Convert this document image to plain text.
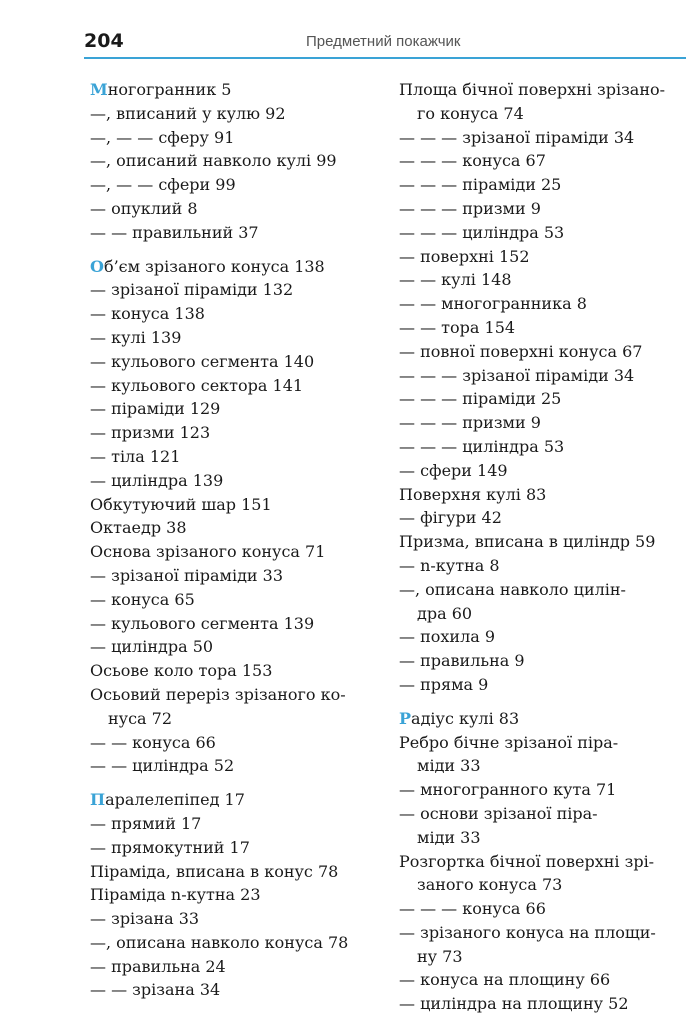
204	Предметний покажчик
Многогранник 5
—, вписаний у кулю 92
—, — — сферу 91
—, описаний навколо кулі 99
—, — — сфери 99
— опуклий 8
— — правильний 37
Об’єм зрізаного конуса 138
— зрізаної піраміди 132
— конуса 138
— кулі 139
— кульового сегмента 140
— кульового сектора 141
— піраміди 129
— призми 123
— тіла 121
— циліндра 139
Обкутуючий шар 151
Октаедр 38
Основа зрізаного конуса 71
— зрізаної піраміди 33
— конуса 65
— кульового сегмента 139
— циліндра 50
Осьове коло тора 153
Осьовий переріз зрізаного ко-
нуса 72
— — конуса 66
— — циліндра 52
Паралелепіпед 17
— прямий 17
— прямокутний 17
Піраміда, вписана в конус 78
Піраміда n-кутна 23
— зрізана 33
—, описана навколо конуса 78
— правильна 24
— — зрізана 34
Площа бічної поверхні зрізано-
го конуса 74
— — — зрізаної піраміди 34
— — — конуса 67
— — — піраміди 25
— — — призми 9
— — — циліндра 53
— поверхні 152
— — кулі 148
— — многогранника 8
— — тора 154
— повної поверхні конуса 67
— — — зрізаної піраміди 34
— — — піраміди 25
— — — призми 9
— — — циліндра 53
— сфери 149
Поверхня кулі 83
— фігури 42
Призма, вписана в циліндр 59
— n-кутна 8
—, описана навколо цилін-
дра 60
— похила 9
— правильна 9
— пряма 9
Радіус кулі 83
Ребро бічне зрізаної піра-
міди 33
— многогранного кута 71
— основи зрізаної піра-
міди 33
Розгортка бічної поверхні зрі-
заного конуса 73
— — — конуса 66
— зрізаного конуса на площи-
ну 73
— конуса на площину 66
— циліндра на площину 52
